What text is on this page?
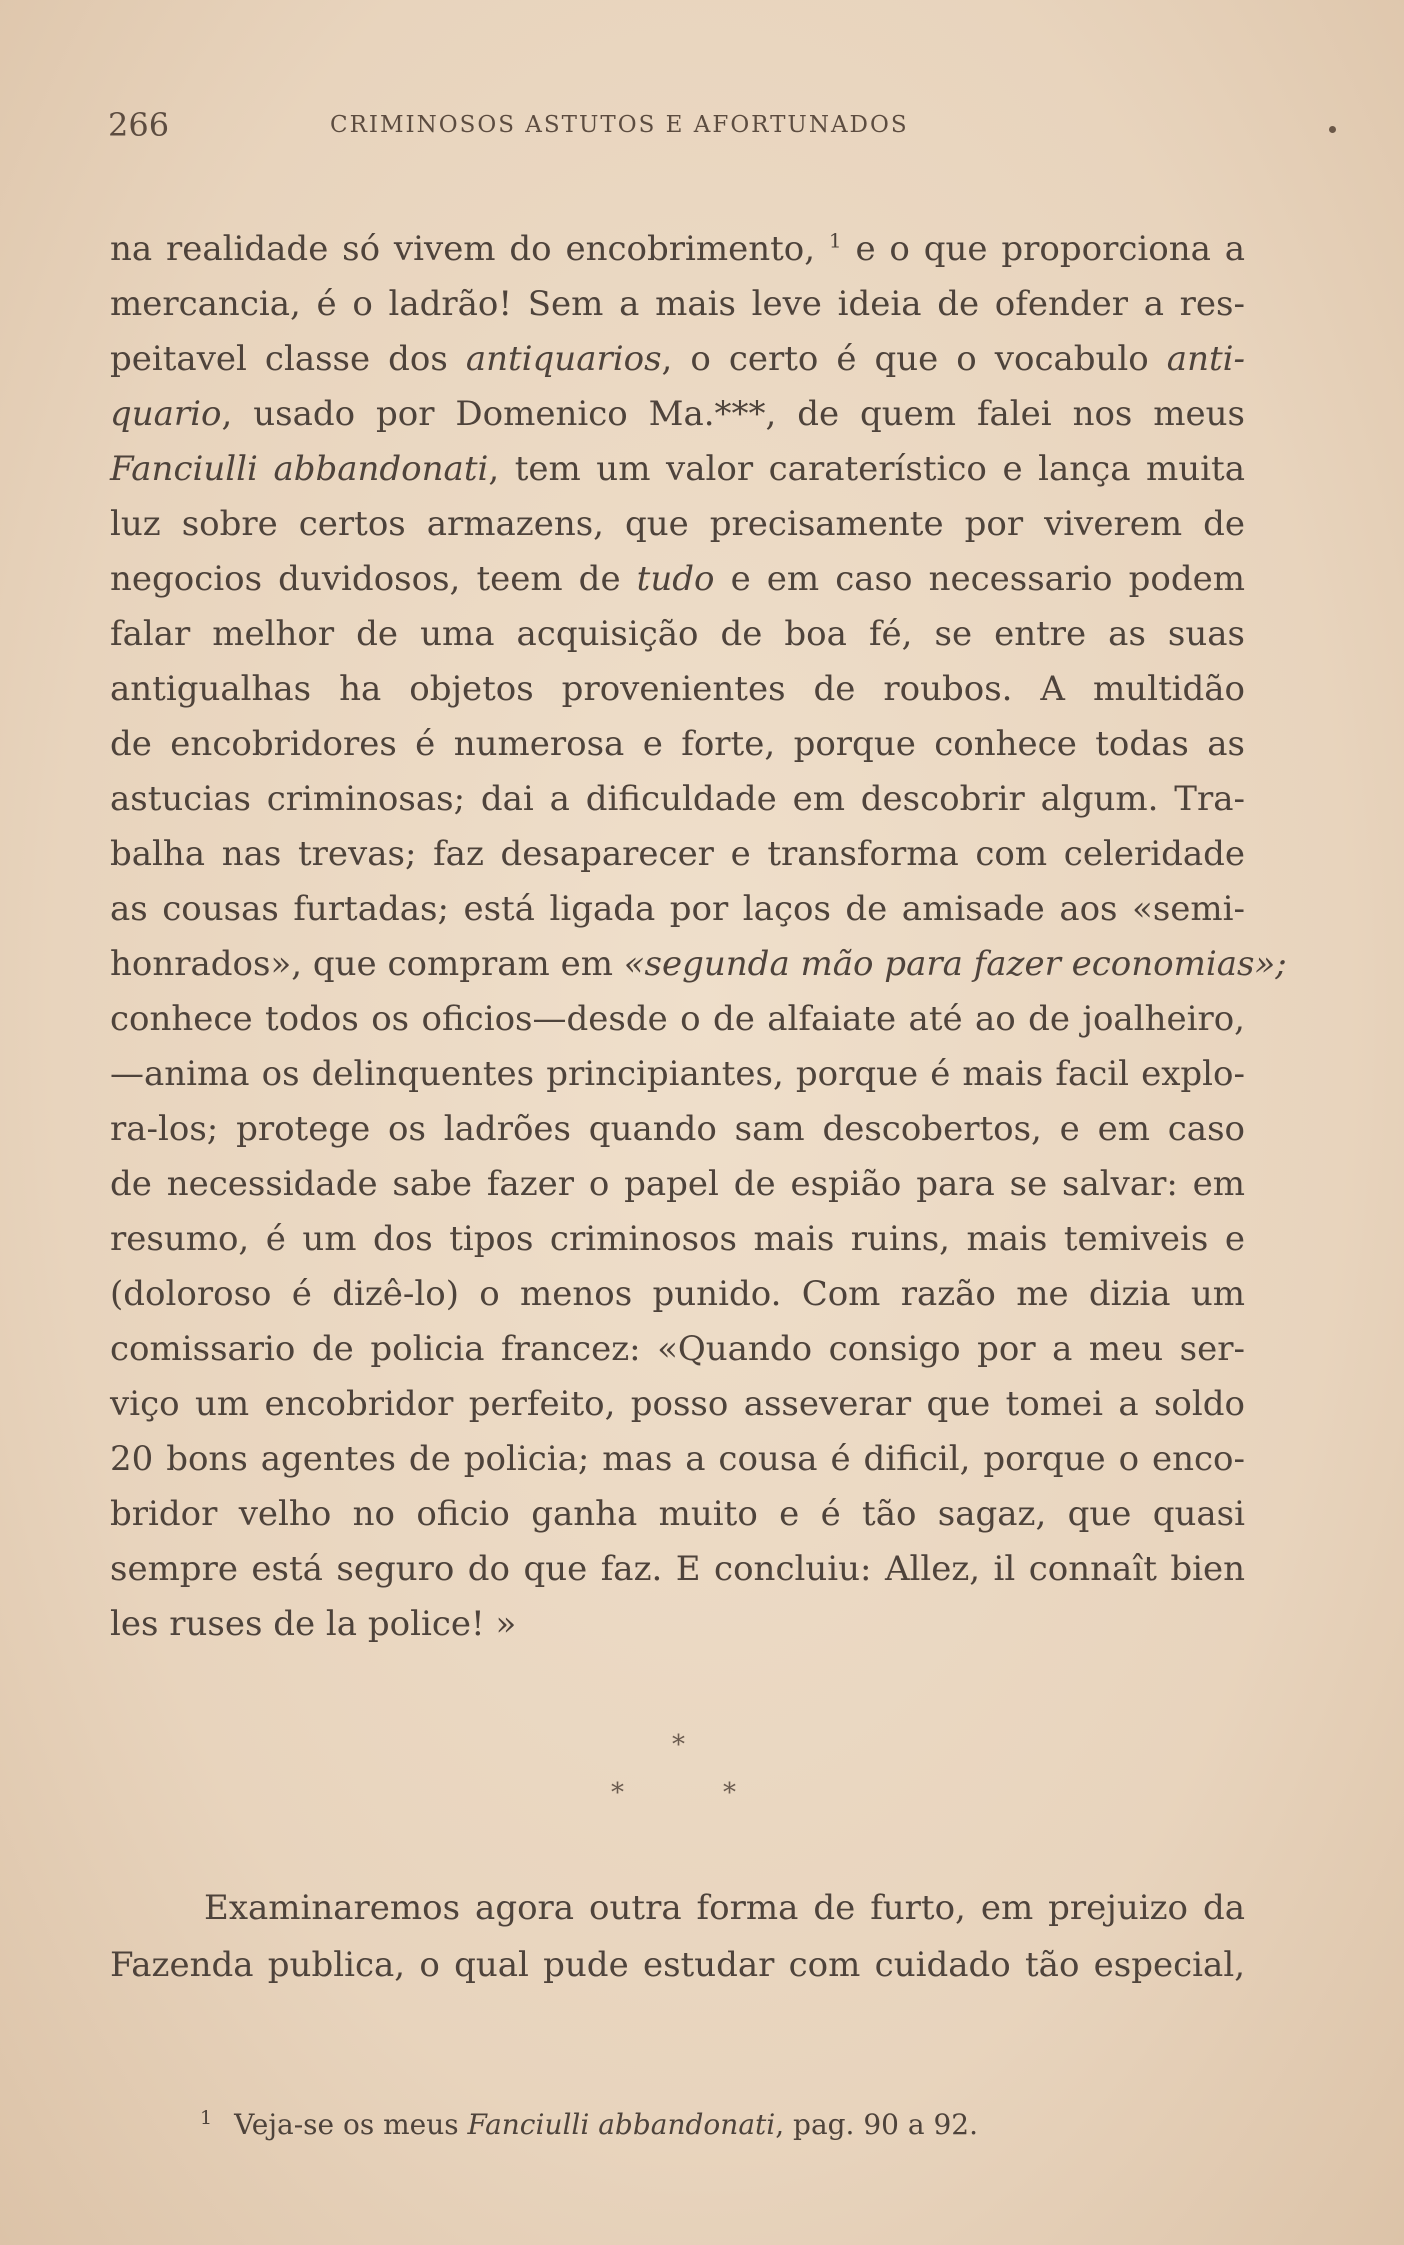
266	CRIMINOSOS ASTUTOS E AFORTUNADOS
na realidade só vivem do encobrimento, $^1$ e o que proporciona a
mercancia, é o ladrão! Sem a mais leve ideia de ofender a res-
peitavel classe dos antiquarios, o certo é que o vocabulo anti-
quario, usado por Domenico Ma.***, de quem falei nos meus
Fanciulli abbandonati, tem um valor caraterístico e lança muita
luz sobre certos armazens, que precisamente por viverem de
negocios duvidosos, teem de tudo e em caso necessario podem
falar melhor de uma acquisição de boa fé, se entre as suas
antigualhas ha objetos provenientes de roubos. A multidão
de encobridores é numerosa e forte, porque conhece todas as
astucias criminosas; dai a dificuldade em descobrir algum. Tra-
balha nas trevas; faz desaparecer e transforma com celeridade
as cousas furtadas; está ligada por laços de amisade aos «semi-
honrados», que compram em «segunda mão para fazer economias»;
conhece todos os oficios—desde o de alfaiate até ao de joalheiro,
—anima os delinquentes principiantes, porque é mais facil explo-
ra-los; protege os ladrões quando sam descobertos, e em caso
de necessidade sabe fazer o papel de espião para se salvar: em
resumo, é um dos tipos criminosos mais ruins, mais temiveis e
(doloroso é dizê-lo) o menos punido. Com razão me dizia um
comissario de policia francez: «Quando consigo por a meu ser-
viço um encobridor perfeito, posso asseverar que tomei a soldo
20 bons agentes de policia; mas a cousa é dificil, porque o enco-
bridor velho no oficio ganha muito e é tão sagaz, que quasi
sempre está seguro do que faz. E concluiu: Allez, il connaît bien
les ruses de la police! »
*
*	*
Examinaremos agora outra forma de furto, em prejuizo da
Fazenda publica, o qual pude estudar com cuidado tão especial,
$^1$ Veja-se os meus Fanciulli abbandonati, pag. 90 a 92.
